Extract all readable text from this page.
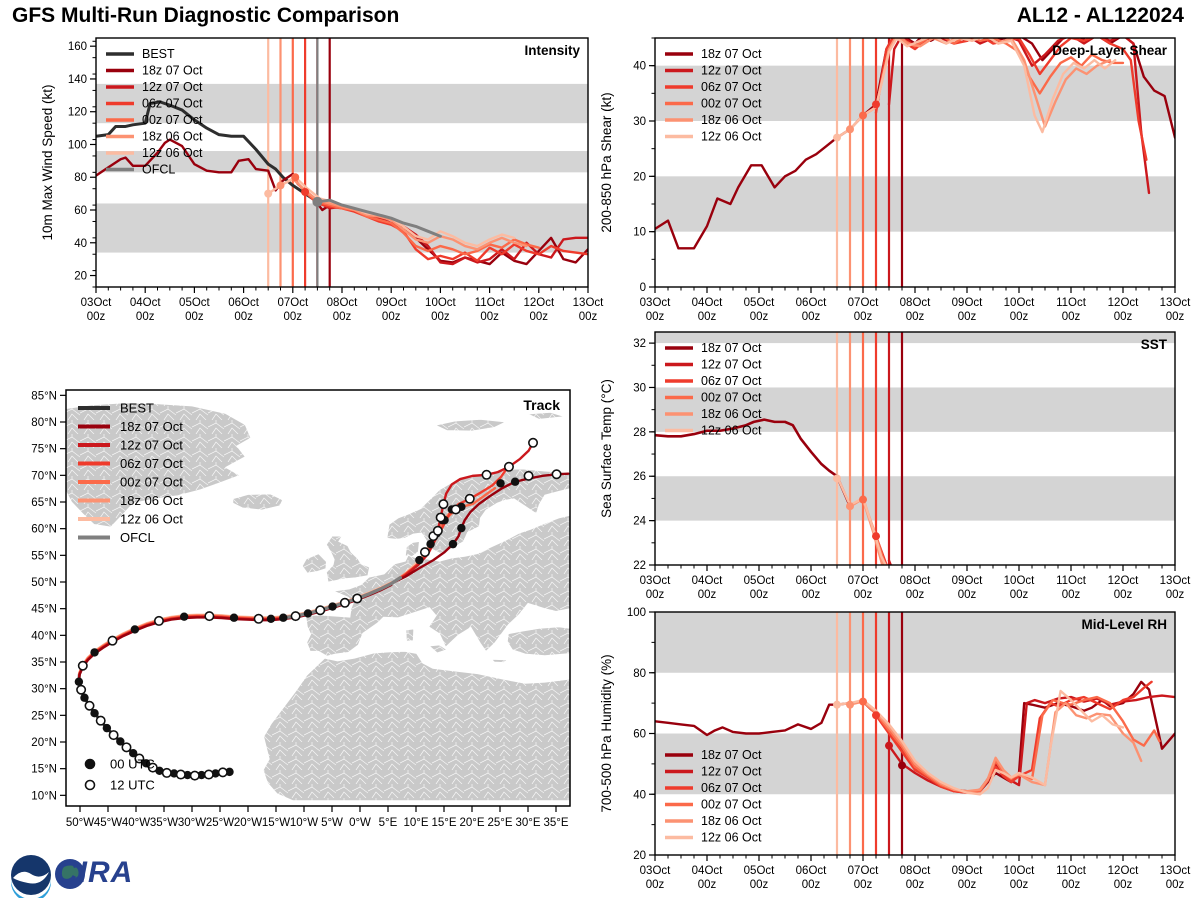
GFS Multi-Run Diagnostic Comparison	AL12 - AL122024
03Oct
00z
04Oct
00z
05Oct
00z
06Oct
00z
07Oct
00z
08Oct
00z
09Oct
00z
10Oct
00z
11Oct
00z
12Oct
00z
13Oct
00z
20
40
60
80
100
120
140
160
10m Max Wind Speed (kt)
Intensity
BEST
18z 07 Oct
12z 07 Oct
06z 07 Oct
00z 07 Oct
18z 06 Oct
12z 06 Oct
OFCL
03Oct
00z
04Oct
00z
05Oct
00z
06Oct
00z
07Oct
00z
08Oct
00z
09Oct
00z
10Oct
00z
11Oct
00z
12Oct
00z
13Oct
00z
0
10
20
30
40
200-850 hPa Shear (kt)
Deep-Layer Shear
18z 07 Oct
12z 07 Oct
06z 07 Oct
00z 07 Oct
18z 06 Oct
12z 06 Oct
03Oct
00z
04Oct
00z
05Oct
00z
06Oct
00z
07Oct
00z
08Oct
00z
09Oct
00z
10Oct
00z
11Oct
00z
12Oct
00z
13Oct
00z
22
24
26
28
30
32
Sea Surface Temp (°C)
SST
18z 07 Oct
12z 07 Oct
06z 07 Oct
00z 07 Oct
18z 06 Oct
12z 06 Oct
03Oct
00z
04Oct
00z
05Oct
00z
06Oct
00z
07Oct
00z
08Oct
00z
09Oct
00z
10Oct
00z
11Oct
00z
12Oct
00z
13Oct
00z
20
40
60
80
100
700-500 hPa Humidity (%)
Mid-Level RH
18z 07 Oct
12z 07 Oct
06z 07 Oct
00z 07 Oct
18z 06 Oct
12z 06 Oct
50°W 45°W 40°W 35°W 30°W 25°W 20°W 15°W 10°W 5°W 0°W 5°E 10°E 15°E 20°E 25°E 30°E 35°E
10°N
15°N
20°N
25°N
30°N
35°N
40°N
45°N
50°N
55°N
60°N
65°N
70°N
75°N
80°N
85°N
Track
BEST
18z 07 Oct
12z 07 Oct
06z 07 Oct
00z 07 Oct
18z 06 Oct
12z 06 Oct
OFCL
00 UTC
12 UTC
CIRA
